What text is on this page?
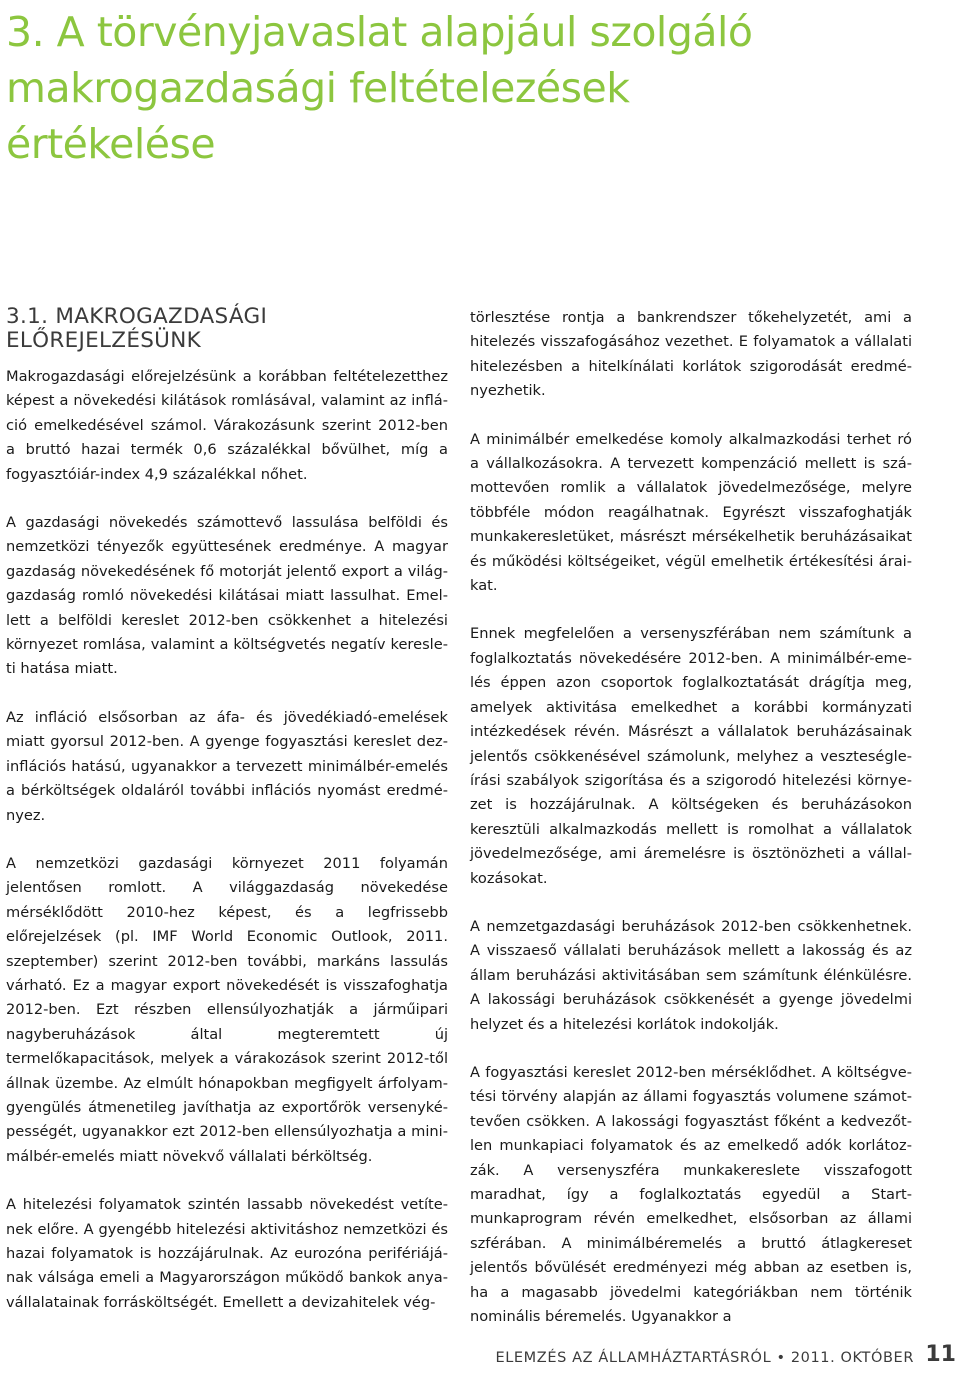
3. A törvényjavaslat alapjául szolgáló
makrogazdasági feltételezések
értékelése
3.1. MAKROGAZDASÁGI
ELŐREJELZÉSÜNK

Makrogazdasági előrejelzésünk a korábban feltételezetthez képest a növekedési kilátások romlásával, valamint az infláció emelkedésével számol. Várakozásunk szerint 2012-ben a bruttó hazai termék 0,6 százalékkal bővülhet, míg a fogyasztóiár-index 4,9 százalékkal nőhet.

A gazdasági növekedés számottevő lassulása belföldi és nemzetközi tényezők együttesének eredménye. A magyar gazdaság növekedésének fő motorját jelentő export a világgazdaság romló növekedési kilátásai miatt lassulhat. Emellett a belföldi kereslet 2012-ben csökkenhet a hitelezési környezet romlása, valamint a költségvetés negatív keresleti hatása miatt.

Az infláció elsősorban az áfa- és jövedékiadó-emelések miatt gyorsul 2012-ben. A gyenge fogyasztási kereslet dezinflációs hatású, ugyanakkor a tervezett minimálbér-emelés a bérköltségek oldaláról további inflációs nyomást eredményez.

A nemzetközi gazdasági környezet 2011 folyamán jelentősen romlott. A világgazdaság növekedése mérséklődött 2010-hez képest, és a legfrissebb előrejelzések (pl. IMF World Economic Outlook, 2011. szeptember) szerint 2012-ben további, markáns lassulás várható. Ez a magyar export növekedését is visszafoghatja 2012-ben. Ezt részben ellensúlyozhatják a járműipari nagyberuházások által megteremtett új termelőkapacitások, melyek a várakozások szerint 2012-től állnak üzembe. Az elmúlt hónapokban megfigyelt árfolyamgyengülés átmenetileg javíthatja az exportőrök versenyképességét, ugyanakkor ezt 2012-ben ellensúlyozhatja a minimálbér-emelés miatt növekvő vállalati bérköltség.

A hitelezési folyamatok szintén lassabb növekedést vetítenek előre. A gyengébb hitelezési aktivitáshoz nemzetközi és hazai folyamatok is hozzájárulnak. Az eurozóna perifériájának válsága emeli a Magyarországon működő bankok anyavállalatainak forrásköltségét. Emellett a devizahitelek vég-

törlesztése rontja a bankrendszer tőkehelyzetét, ami a hitelezés visszafogásához vezethet. E folyamatok a vállalati hitelezésben a hitelkínálati korlátok szigorodását eredményezhetik.

A minimálbér emelkedése komoly alkalmazkodási terhet ró a vállalkozásokra. A tervezett kompenzáció mellett is számottevően romlik a vállalatok jövedelmezősége, melyre többféle módon reagálhatnak. Egyrészt visszafoghatják munkakeresletüket, másrészt mérsékelhetik beruházásaikat és működési költségeiket, végül emelhetik értékesítési áraikat.

Ennek megfelelően a versenyszférában nem számítunk a foglalkoztatás növekedésére 2012-ben. A minimálbér-emelés éppen azon csoportok foglalkoztatását drágítja meg, amelyek aktivitása emelkedhet a korábbi kormányzati intézkedések révén. Másrészt a vállalatok beruházásainak jelentős csökkenésével számolunk, melyhez a veszteségleírási szabályok szigorítása és a szigorodó hitelezési környezet is hozzájárulnak. A költségeken és beruházásokon keresztüli alkalmazkodás mellett is romolhat a vállalatok jövedelmezősége, ami áremelésre is ösztönözheti a vállalkozásokat.

A nemzetgazdasági beruházások 2012-ben csökkenhetnek. A visszaeső vállalati beruházások mellett a lakosság és az állam beruházási aktivitásában sem számítunk élénkülésre. A lakossági beruházások csökkenését a gyenge jövedelmi helyzet és a hitelezési korlátok indokolják.

A fogyasztási kereslet 2012-ben mérséklődhet. A költségvetési törvény alapján az állami fogyasztás volumene számottevően csökken. A lakossági fogyasztást főként a kedvezőtlen munkapiaci folyamatok és az emelkedő adók korlátozzák. A versenyszféra munkakereslete visszafogott maradhat, így a foglalkoztatás egyedül a Start-munkaprogram révén emelkedhet, elsősorban az állami szférában. A minimálbéremelés a bruttó átlagkereset jelentős bővülését eredményezi még abban az esetben is, ha a magasabb jövedelmi kategóriákban nem történik nominális béremelés. Ugyanakkor a

ELEMZÉS AZ ÁLLAMHÁZTARTÁSRÓL • 2011. OKTÓBER 11
